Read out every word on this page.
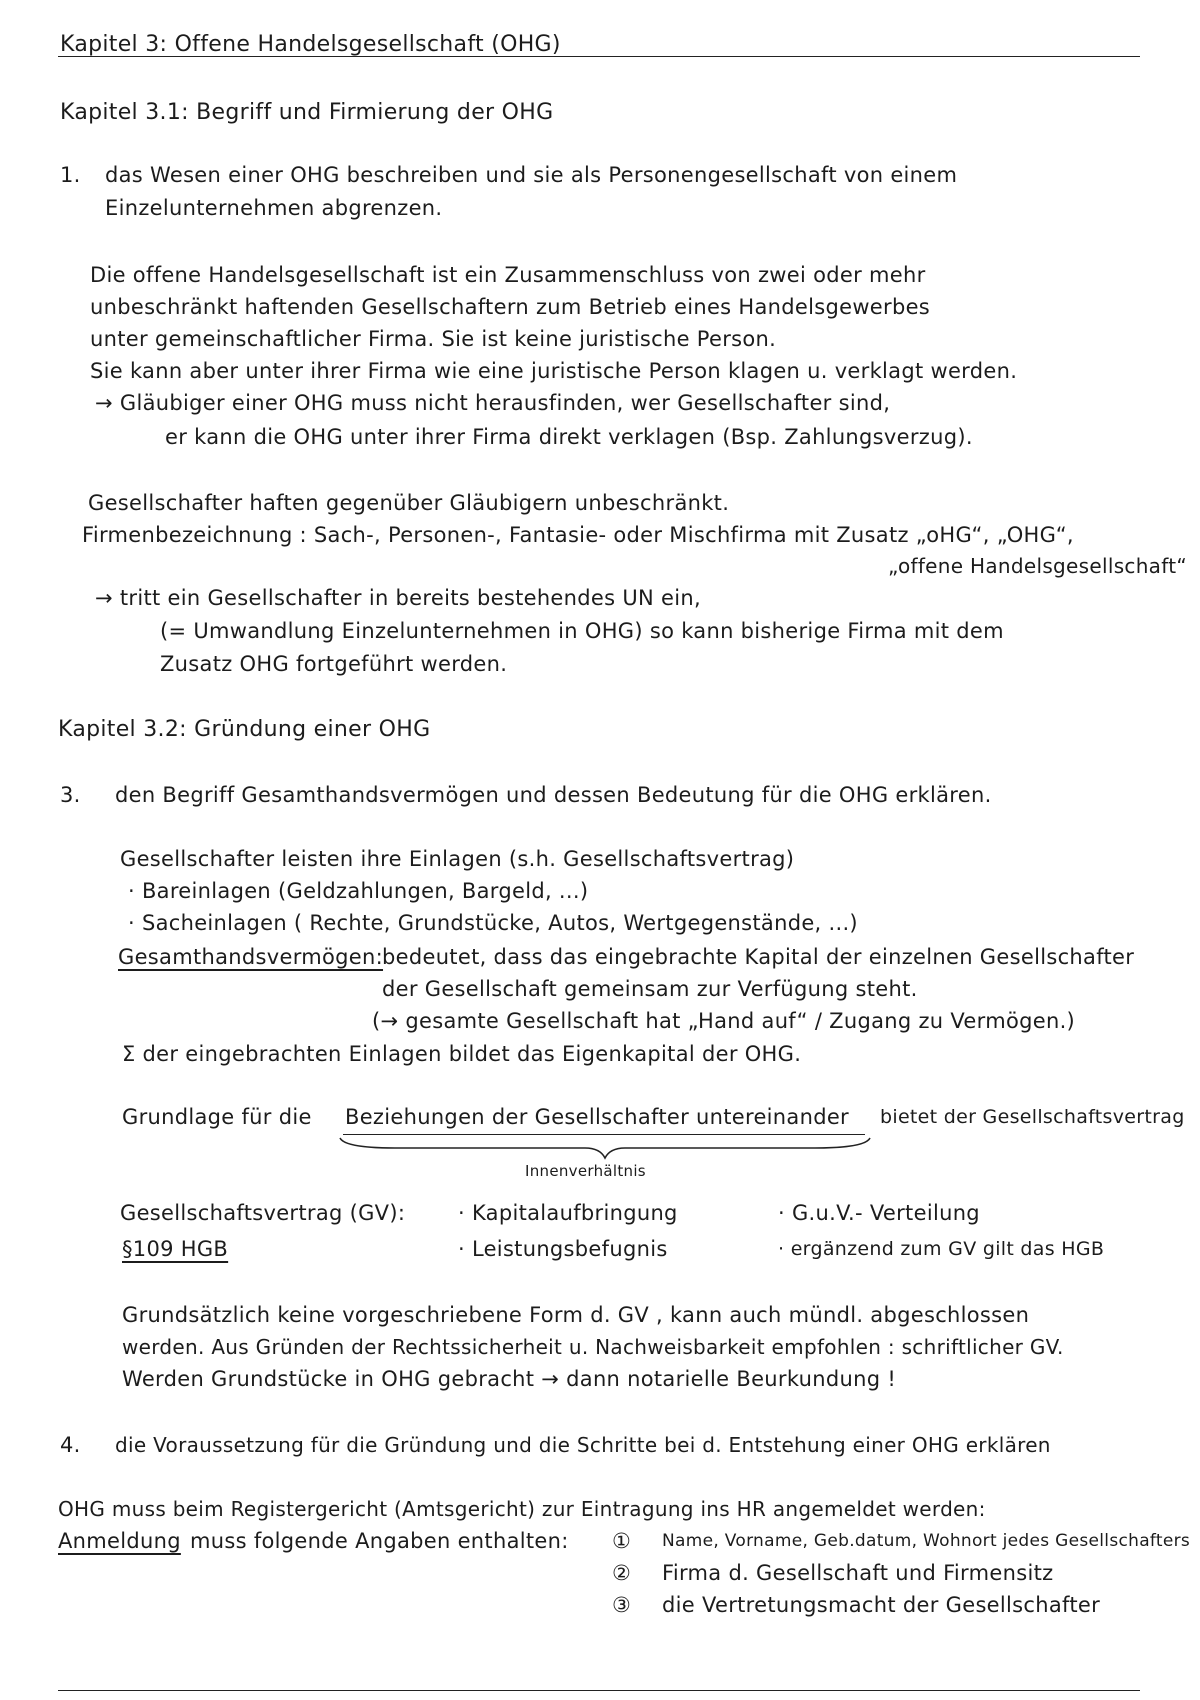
Kapitel 3: Offene Handelsgesellschaft (OHG)
Kapitel 3.1: Begriff und Firmierung der OHG
1. das Wesen einer OHG beschreiben und sie als Personengesellschaft von einem
Einzelunternehmen abgrenzen.
Die offene Handelsgesellschaft ist ein Zusammenschluss von zwei oder mehr
unbeschränkt haftenden Gesellschaftern zum Betrieb eines Handelsgewerbes
unter gemeinschaftlicher Firma. Sie ist keine juristische Person.
Sie kann aber unter ihrer Firma wie eine juristische Person klagen u. verklagt werden.
→ Gläubiger einer OHG muss nicht herausfinden, wer Gesellschafter sind,
er kann die OHG unter ihrer Firma direkt verklagen (Bsp. Zahlungsverzug).
Gesellschafter haften gegenüber Gläubigern unbeschränkt.
Firmenbezeichnung : Sach-, Personen-, Fantasie- oder Mischfirma mit Zusatz „oHG“, „OHG“,
„offene Handelsgesellschaft“
→ tritt ein Gesellschafter in bereits bestehendes UN ein,
(= Umwandlung Einzelunternehmen in OHG) so kann bisherige Firma mit dem
Zusatz OHG fortgeführt werden.
Kapitel 3.2: Gründung einer OHG
3. den Begriff Gesamthandsvermögen und dessen Bedeutung für die OHG erklären.
Gesellschafter leisten ihre Einlagen (s.h. Gesellschaftsvertrag)
· Bareinlagen (Geldzahlungen, Bargeld, ...)
· Sacheinlagen ( Rechte, Grundstücke, Autos, Wertgegenstände, ...)
Gesamthandsvermögen:
bedeutet, dass das eingebrachte Kapital der einzelnen Gesellschafter
der Gesellschaft gemeinsam zur Verfügung steht.
(→ gesamte Gesellschaft hat „Hand auf“ / Zugang zu Vermögen.)
Σ der eingebrachten Einlagen bildet das Eigenkapital der OHG.
Grundlage für die Beziehungen der Gesellschafter untereinander bietet der Gesellschaftsvertrag
Innenverhältnis
Gesellschaftsvertrag (GV):
§109 HGB
· Kapitalaufbringung
· Leistungsbefugnis
· G.u.V.- Verteilung
· ergänzend zum GV gilt das HGB
Grundsätzlich keine vorgeschriebene Form d. GV , kann auch mündl. abgeschlossen
werden. Aus Gründen der Rechtssicherheit u. Nachweisbarkeit empfohlen : schriftlicher GV.
Werden Grundstücke in OHG gebracht → dann notarielle Beurkundung !
4. die Voraussetzung für die Gründung und die Schritte bei d. Entstehung einer OHG erklären
OHG muss beim Registergericht (Amtsgericht) zur Eintragung ins HR angemeldet werden:
Anmeldung muss folgende Angaben enthalten: ① Name, Vorname, Geb.datum, Wohnort jedes Gesellschafters
② Firma d. Gesellschaft und Firmensitz
③ die Vertretungsmacht der Gesellschafter
